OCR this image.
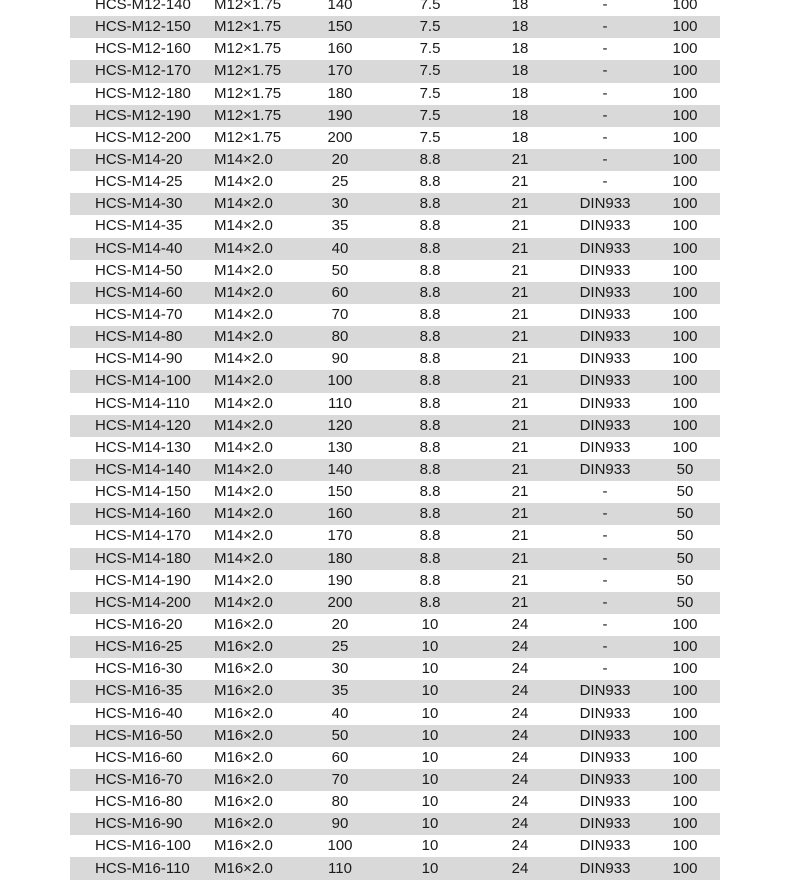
HCS-M12-140	M12×1.75	140	7.5	18	-	100
HCS-M12-150	M12×1.75	150	7.5	18	-	100
HCS-M12-160	M12×1.75	160	7.5	18	-	100
HCS-M12-170	M12×1.75	170	7.5	18	-	100
HCS-M12-180	M12×1.75	180	7.5	18	-	100
HCS-M12-190	M12×1.75	190	7.5	18	-	100
HCS-M12-200	M12×1.75	200	7.5	18	-	100
HCS-M14-20	M14×2.0	20	8.8	21	-	100
HCS-M14-25	M14×2.0	25	8.8	21	-	100
HCS-M14-30	M14×2.0	30	8.8	21	DIN933	100
HCS-M14-35	M14×2.0	35	8.8	21	DIN933	100
HCS-M14-40	M14×2.0	40	8.8	21	DIN933	100
HCS-M14-50	M14×2.0	50	8.8	21	DIN933	100
HCS-M14-60	M14×2.0	60	8.8	21	DIN933	100
HCS-M14-70	M14×2.0	70	8.8	21	DIN933	100
HCS-M14-80	M14×2.0	80	8.8	21	DIN933	100
HCS-M14-90	M14×2.0	90	8.8	21	DIN933	100
HCS-M14-100	M14×2.0	100	8.8	21	DIN933	100
HCS-M14-110	M14×2.0	110	8.8	21	DIN933	100
HCS-M14-120	M14×2.0	120	8.8	21	DIN933	100
HCS-M14-130	M14×2.0	130	8.8	21	DIN933	100
HCS-M14-140	M14×2.0	140	8.8	21	DIN933	50
HCS-M14-150	M14×2.0	150	8.8	21	-	50
HCS-M14-160	M14×2.0	160	8.8	21	-	50
HCS-M14-170	M14×2.0	170	8.8	21	-	50
HCS-M14-180	M14×2.0	180	8.8	21	-	50
HCS-M14-190	M14×2.0	190	8.8	21	-	50
HCS-M14-200	M14×2.0	200	8.8	21	-	50
HCS-M16-20	M16×2.0	20	10	24	-	100
HCS-M16-25	M16×2.0	25	10	24	-	100
HCS-M16-30	M16×2.0	30	10	24	-	100
HCS-M16-35	M16×2.0	35	10	24	DIN933	100
HCS-M16-40	M16×2.0	40	10	24	DIN933	100
HCS-M16-50	M16×2.0	50	10	24	DIN933	100
HCS-M16-60	M16×2.0	60	10	24	DIN933	100
HCS-M16-70	M16×2.0	70	10	24	DIN933	100
HCS-M16-80	M16×2.0	80	10	24	DIN933	100
HCS-M16-90	M16×2.0	90	10	24	DIN933	100
HCS-M16-100	M16×2.0	100	10	24	DIN933	100
HCS-M16-110	M16×2.0	110	10	24	DIN933	100
